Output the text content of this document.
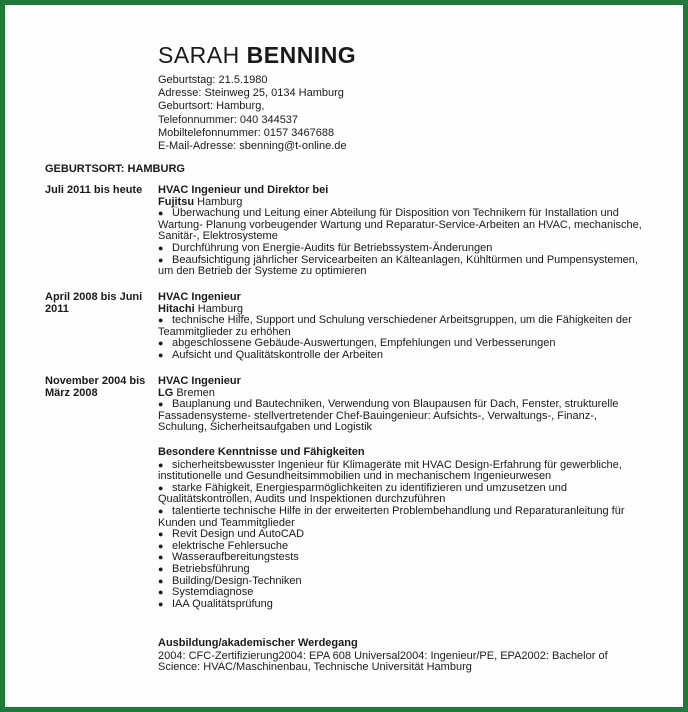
SARAH BENNING
Geburtstag: 21.5.1980
Adresse: Steinweg 25, 0134 Hamburg
Geburtsort: Hamburg,
Telefonnummer: 040 344537
Mobiltelefonnummer: 0157 3467688
E-Mail-Adresse: sbenning@t-online.de
GEBURTSORT: HAMBURG
Juli 2011 bis heute	HVAC Ingenieur und Direktor bei
Fujitsu Hamburg
● Überwachung und Leitung einer Abteilung für Disposition von Technikern für Installation und Wartung- Planung vorbeugender Wartung und Reparatur-Service-Arbeiten an HVAC, mechanische, Sanitär-, Elektrosysteme
● Durchführung von Energie-Audits für Betriebssystem-Änderungen
● Beaufsichtigung jährlicher Servicearbeiten an Kälteanlagen, Kühltürmen und Pumpensystemen, um den Betrieb der Systeme zu optimieren
April 2008 bis Juni 2011
HVAC Ingenieur
Hitachi Hamburg
● technische Hilfe, Support und Schulung verschiedener Arbeitsgruppen, um die Fähigkeiten der Teammitglieder zu erhöhen
● abgeschlossene Gebäude-Auswertungen, Empfehlungen und Verbesserungen
● Aufsicht und Qualitätskontrolle der Arbeiten
November 2004 bis März 2008
HVAC Ingenieur
LG Bremen
● Bauplanung und Bautechniken, Verwendung von Blaupausen für Dach, Fenster, strukturelle Fassadensysteme- stellvertretender Chef-Bauingenieur: Aufsichts-, Verwaltungs-, Finanz-, Schulung, Sicherheitsaufgaben und Logistik
Besondere Kenntnisse und Fähigkeiten
● sicherheitsbewusster Ingenieur für Klimageräte mit HVAC Design-Erfahrung für gewerbliche, institutionelle und Gesundheitsimmobilien und in mechanischem Ingenieurwesen
● starke Fähigkeit, Energiesparmöglichkeiten zu identifizieren und umzusetzen und Qualitätskontrollen, Audits und Inspektionen durchzuführen
● talentierte technische Hilfe in der erweiterten Problembehandlung und Reparaturanleitung für Kunden und Teammitglieder
● Revit Design und AutoCAD
● elektrische Fehlersuche
● Wasseraufbereitungstests
● Betriebsführung
● Building/Design-Techniken
● Systemdiagnose
● IAA Qualitätsprüfung
Ausbildung/akademischer Werdegang
2004: CFC-Zertifizierung2004: EPA 608 Universal2004: Ingenieur/PE, EPA2002: Bachelor of Science: HVAC/Maschinenbau, Technische Universität Hamburg
